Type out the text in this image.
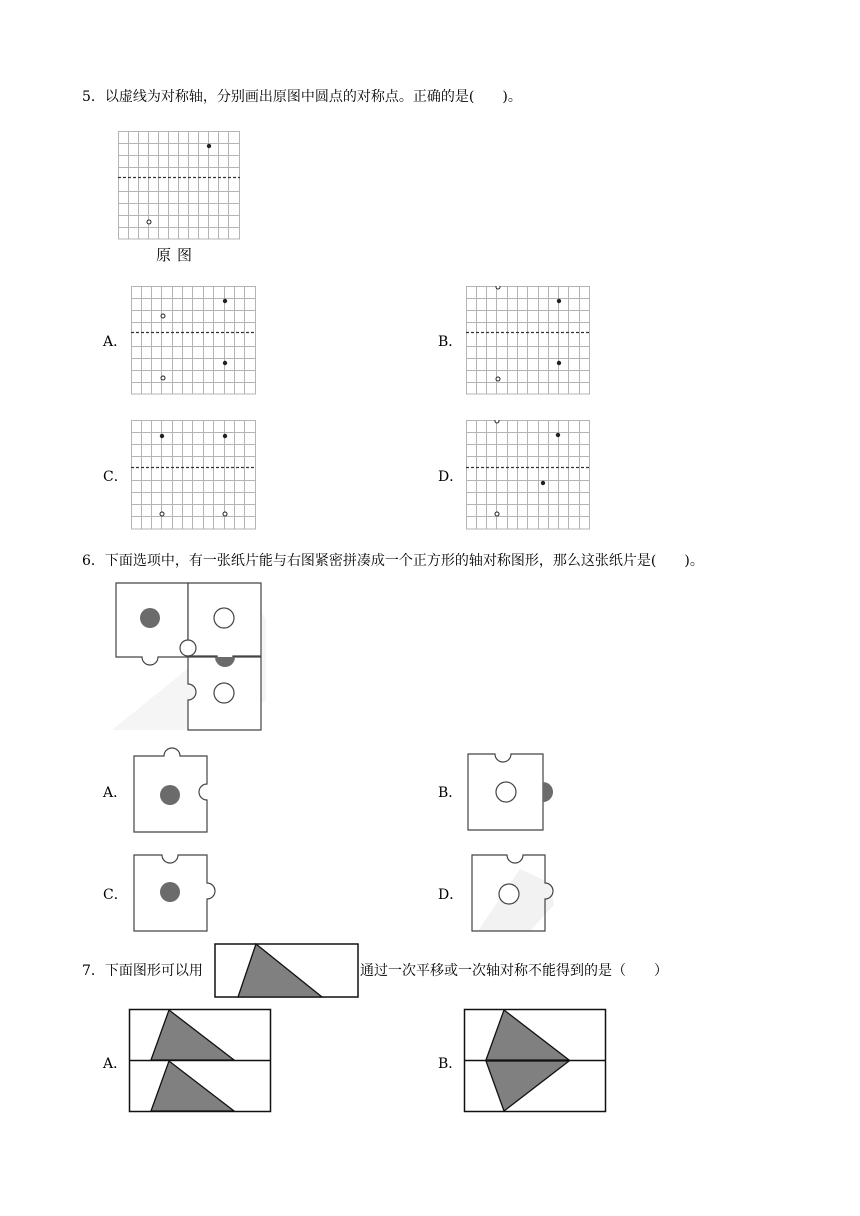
5．以虚线为对称轴，分别画出原图中圆点的对称点。正确的是(　　 )。
原图
A．	B．
C．	D．
6．下面选项中，有一张纸片能与右图紧密拼凑成一个正方形的轴对称图形，那么这张纸片是(　　 )。
A．	B．
C．	D．
7．下面图形可以用	通过一次平移或一次轴对称不能得到的是（　　 ）
A．	B．
